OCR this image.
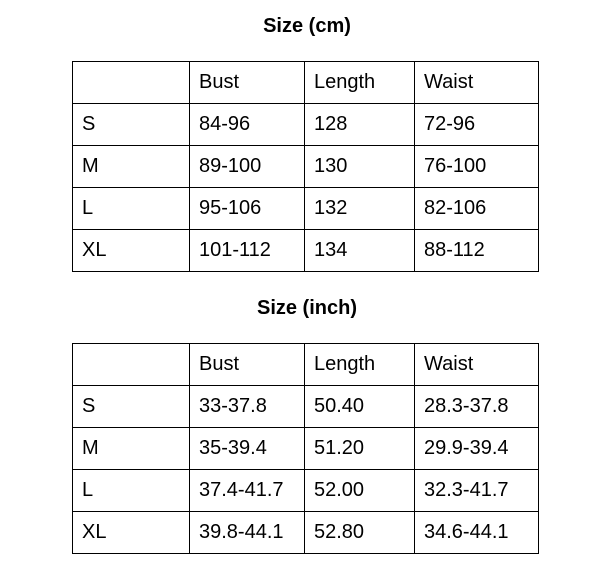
Size (cm)
	Bust	Length	Waist
S	84-96	128	72-96
M	89-100	130	76-100
L	95-106	132	82-106
XL	101-112	134	88-112
Size (inch)
	Bust	Length	Waist
S	33-37.8	50.40	28.3-37.8
M	35-39.4	51.20	29.9-39.4
L	37.4-41.7	52.00	32.3-41.7
XL	39.8-44.1	52.80	34.6-44.1
